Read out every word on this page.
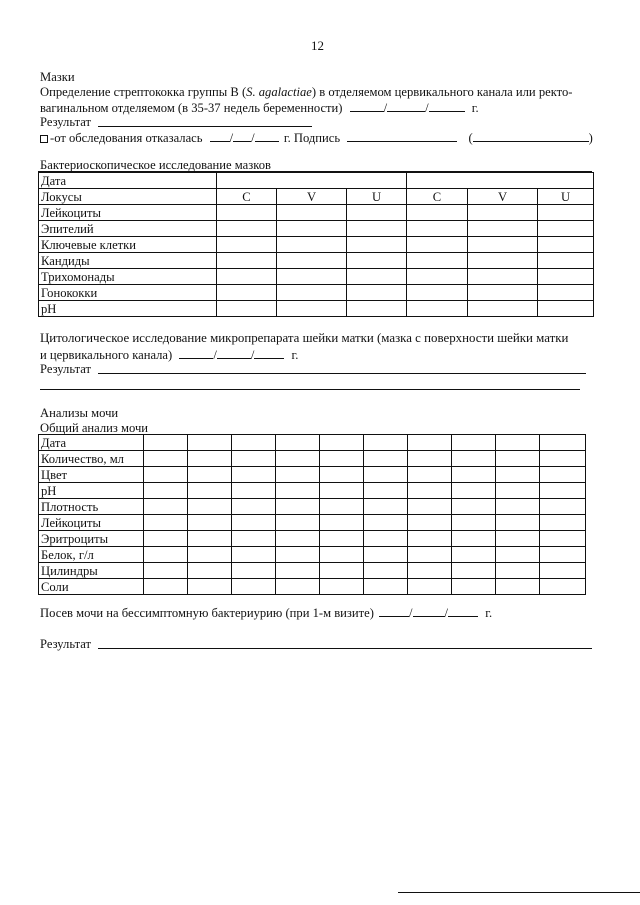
12
Мазки
Определение стрептококка группы В (S. agalactiae) в отделяемом цервикального канала или ректо-
вагинальном отделяемом (в 35-37 недель беременности)	/	/	г.
Результат
-от обследования отказалась / / г. Подпись	(	)
Бактериоскопическое исследование мазков
Дата						
Локусы	C	V	U	C	V	U
Лейкоциты						
Эпителий						
Ключевые клетки						
Кандиды						
Трихомонады						
Гонококки						
pH						
Цитологическое исследование микропрепарата шейки матки (мазка с поверхности шейки матки
и цервикального канала)	/	/	г.
Результат
Анализы мочи
Общий анализ мочи
Дата										
Количество, мл										
Цвет										
pH										
Плотность										
Лейкоциты										
Эритроциты										
Белок, г/л										
Цилиндры										
Соли										
Посев мочи на бессимптомную бактериурию (при 1-м визите)	/	/	г.
Результат
